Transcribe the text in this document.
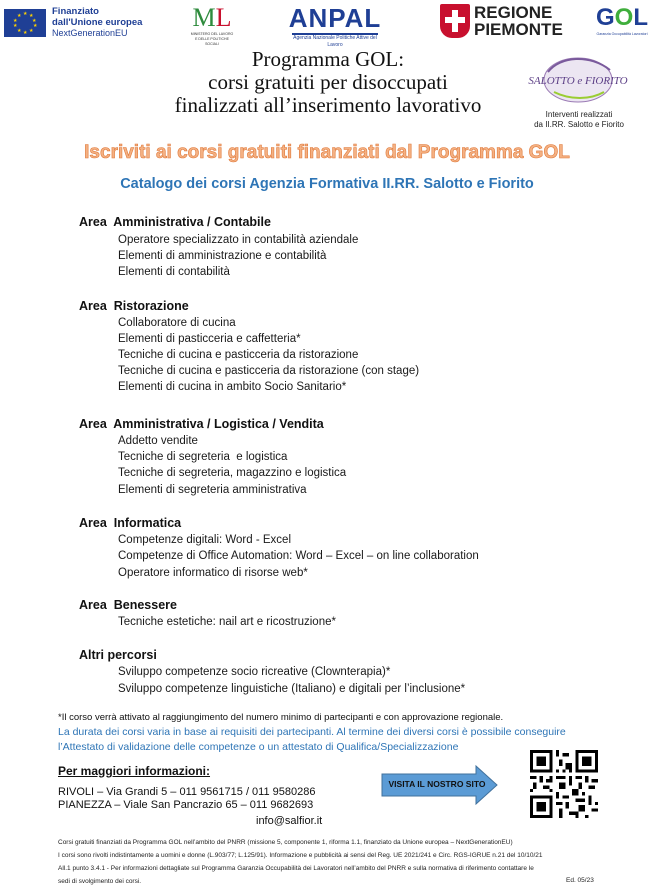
★ ★
★
★
★
★
★
★
★
★	Finanziato
dall'Unione europea
NextGenerationEU
ML
MINISTERO DEL LAVORO E DELLE POLITICHE SOCIALI
ANPAL
Agenzia Nazionale Politiche Attive del Lavoro
REGIONE
PIEMONTE GOL
Garanzia Occupabilità Lavoratori
Programma GOL:
corsi gratuiti per disoccupati
finalizzati all’inserimento lavorativo
SALOTTO e FIORITO
Interventi realizzati
da II.RR. Salotto e Fiorito
Iscriviti ai corsi gratuiti finanziati dal Programma GOL
Catalogo dei corsi Agenzia Formativa II.RR. Salotto e Fiorito
Area  Amministrativa / Contabile
Operatore specializzato in contabilità aziendale
Elementi di amministrazione e contabilità
Elementi di contabilità
Area  Ristorazione
Collaboratore di cucina
Elementi di pasticceria e caffetteria*
Tecniche di cucina e pasticceria da ristorazione
Tecniche di cucina e pasticceria da ristorazione (con stage)
Elementi di cucina in ambito Socio Sanitario*
Area  Amministrativa / Logistica / Vendita
Addetto vendite
Tecniche di segreteria  e logistica
Tecniche di segreteria, magazzino e logistica
Elementi di segreteria amministrativa
Area  Informatica
Competenze digitali: Word - Excel
Competenze di Office Automation: Word – Excel – on line collaboration
Operatore informatico di risorse web*
Area  Benessere
Tecniche estetiche: nail art e ricostruzione*
Altri percorsi
Sviluppo competenze socio ricreative (Clownterapia)*
Sviluppo competenze linguistiche (Italiano) e digitali per l’inclusione*
*Il corso verrà attivato al raggiungimento del numero minimo di partecipanti e con approvazione regionale.
La durata dei corsi varia in base ai requisiti dei partecipanti. Al termine dei diversi corsi è possibile conseguire
l’Attestato di validazione delle competenze o un attestato di Qualifica/Specializzazione
Per maggiori informazioni:
RIVOLI – Via Grandi 5 – 011 9561715 / 011 9580286
PIANEZZA – Viale San Pancrazio 65 – 011 9682693
info@salfior.it
VISITA IL NOSTRO SITO
Corsi gratuiti finanziati da Programma GOL nell’ambito del PNRR (missione 5, componente 1, riforma 1.1, finanziato da Unione europea – NextGenerationEU)
I corsi sono rivolti indistintamente a uomini e donne (L.903/77; L.125/91). Informazione e pubblicità ai sensi del Reg. UE 2021/241 e Circ. RGS-IGRUE n.21 del 10/10/21
All.1 punto 3.4.1 - Per informazioni dettagliate sul Programma Garanzia Occupabilità dei Lavoratori nell’ambito del PNRR e sulla normativa di riferimento contattare le
sedi di svolgimento dei corsi.	Ed. 05/23
